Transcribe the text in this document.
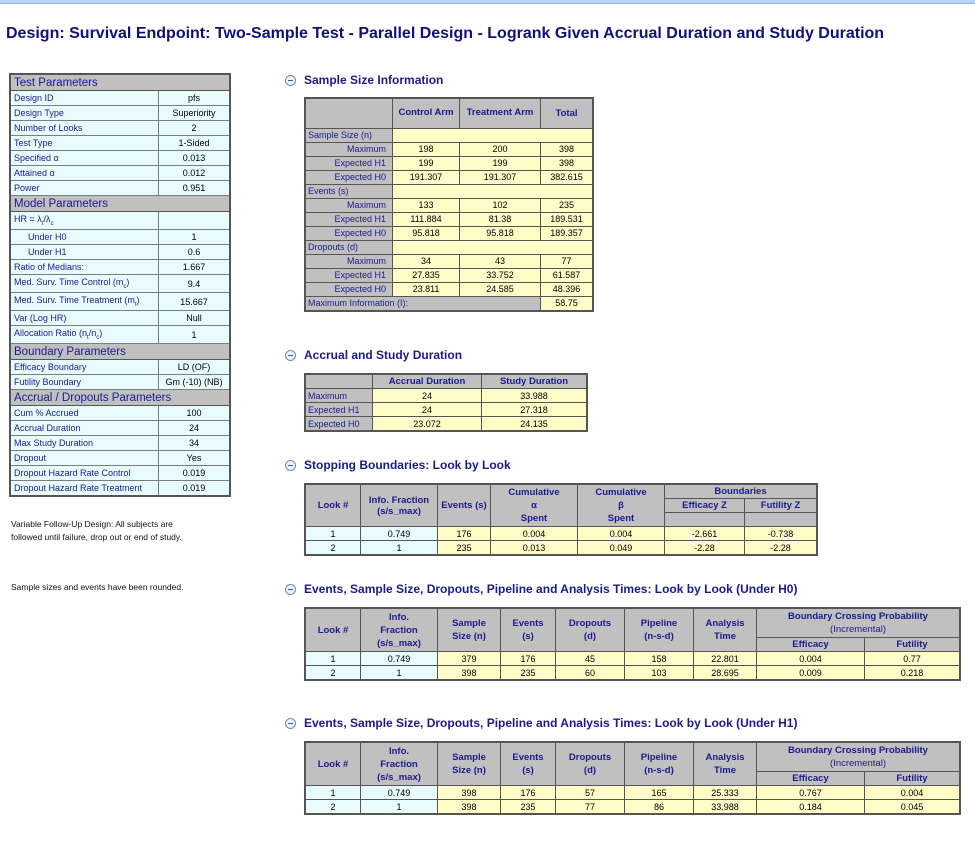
Design: Survival Endpoint: Two-Sample Test - Parallel Design - Logrank Given Accrual Duration and Study Duration
Test Parameters	
Design ID	pfs
Design Type	Superiority
Number of Looks	2
Test Type	1-Sided
Specified α	0.013
Attained α	0.012
Power	0.951
Model Parameters	
HR = $\lambda_t/\lambda_c$	
Under H0	1
Under H1	0.6
Ratio of Medians:	1.667
Med. Surv. Time Control $(m_c)$	9.4
Med. Surv. Time Treatment $(m_t)$	15.667
Var (Log HR)	Null
Allocation Ratio $(n_t/n_c)$	1
Boundary Parameters	
Efficacy Boundary	LD (OF)
Futility Boundary	Gm (-10) (NB)
Accrual / Dropouts Parameters	
Cum % Accrued	100
Accrual Duration	24
Max Study Duration	34
Dropout	Yes
Dropout Hazard Rate Control	0.019
Dropout Hazard Rate Treatment	0.019
Variable Follow-Up Design: All subjects are
followed until failure, drop out or end of study.
Sample sizes and events have been rounded.
Sample Size Information
	Control Arm	Treatment Arm	Total
Sample Size (n)			
Maximum	198	200	398
Expected H1	199	199	398
Expected H0	191.307	191.307	382.615
Events (s)			
Maximum	133	102	235
Expected H1	111.884	81.38	189.531
Expected H0	95.818	95.818	189.357
Dropouts (d)			
Maximum	34	43	77
Expected H1	27.835	33.752	61.587
Expected H0	23.811	24.585	48.396
Maximum Information (I):			58.75
Accrual and Study Duration
	Accrual Duration	Study Duration
Maximum	24	33.988
Expected H1	24	27.318
Expected H0	23.072	24.135
Stopping Boundaries: Look by Look
Look #	Info. Fraction (s/s_max)	Events (s)	Cumulative
α
Spent	Cumulative
β
Spent	Boundaries	
					Efficacy Z	Futility Z

1	0.749	176	0.004	0.004	-2.661	-0.738
2	1	235	0.013	0.049	-2.28	-2.28
Events, Sample Size, Dropouts, Pipeline and Analysis Times: Look by Look (Under H0)
Look #	Info.
Fraction
(s/s_max)	Sample
Size (n)	Events
(s)	Dropouts
(d)	Pipeline
(n-s-d)	Analysis
Time	Boundary Crossing Probability
(Incremental)	
							Efficacy	Futility
1	0.749	379	176	45	158	22.801	0.004	0.77
2	1	398	235	60	103	28.695	0.009	0.218
Events, Sample Size, Dropouts, Pipeline and Analysis Times: Look by Look (Under H1)
Look #	Info.
Fraction
(s/s_max)	Sample
Size (n)	Events
(s)	Dropouts
(d)	Pipeline
(n-s-d)	Analysis
Time	Boundary Crossing Probability
(Incremental)	
							Efficacy	Futility
1	0.749	398	176	57	165	25.333	0.767	0.004
2	1	398	235	77	86	33.988	0.184	0.045
